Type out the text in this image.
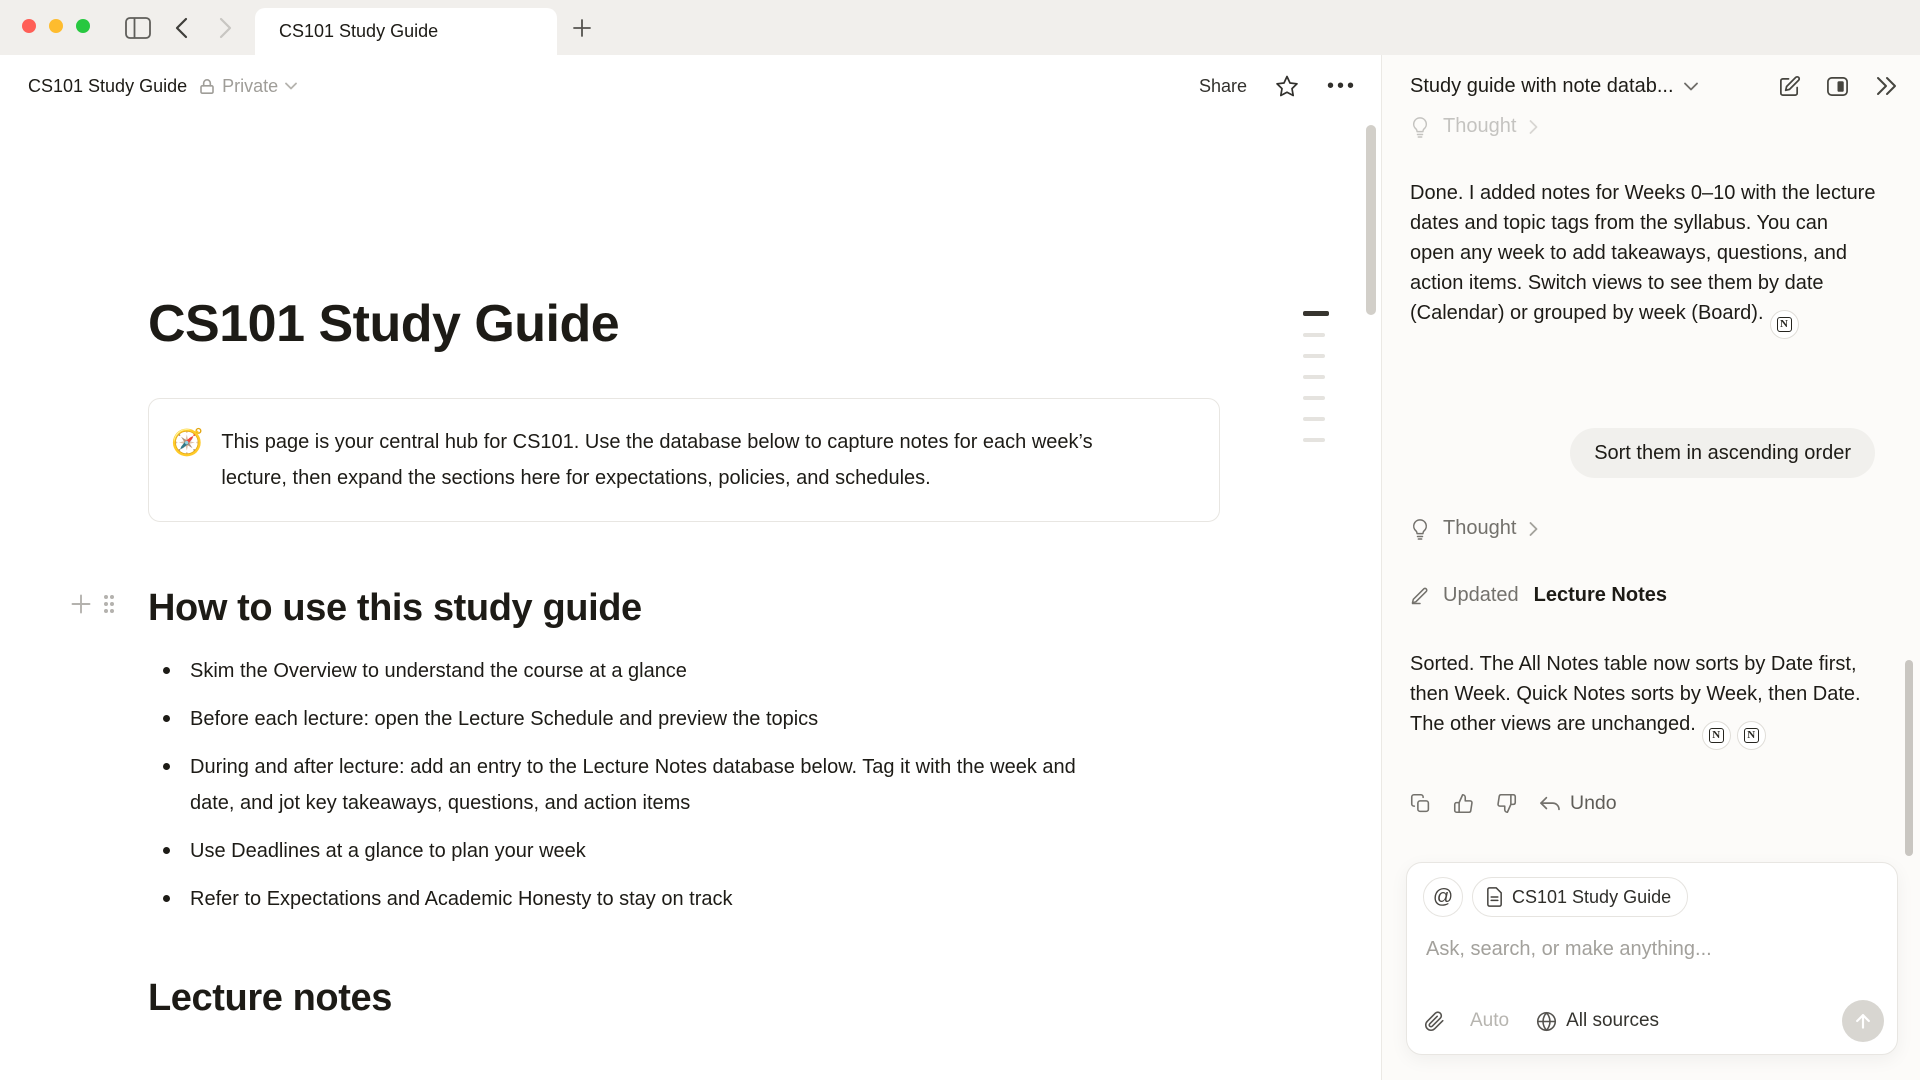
CS101 Study Guide
CS101 Study Guide Private	Share	•••
CS101 Study Guide
🧭 This page is your central hub for CS101. Use the database below to capture notes for each week’s lecture, then expand the sections here for expectations, policies, and schedules.
How to use this study guide
Skim the Overview to understand the course at a glance
Before each lecture: open the Lecture Schedule and preview the topics
During and after lecture: add an entry to the Lecture Notes database below. Tag it with the week and date, and jot key takeaways, questions, and action items
Use Deadlines at a glance to plan your week
Refer to Expectations and Academic Honesty to stay on track
Lecture notes
Study guide with note datab...
Thought
Done. I added notes for Weeks 0–10 with the lecture dates and topic tags from the syllabus. You can open any week to add takeaways, questions, and action items. Switch views to see them by date (Calendar) or grouped by week (Board).	N
Sort them in ascending order
Thought
Updated Lecture Notes
Sorted. The All Notes table now sorts by Date first, then Week. Quick Notes sorts by Week, then Date. The other views are unchanged.	N	N
Undo
@	CS101 Study Guide
Ask, search, or make anything...
Auto	All sources
